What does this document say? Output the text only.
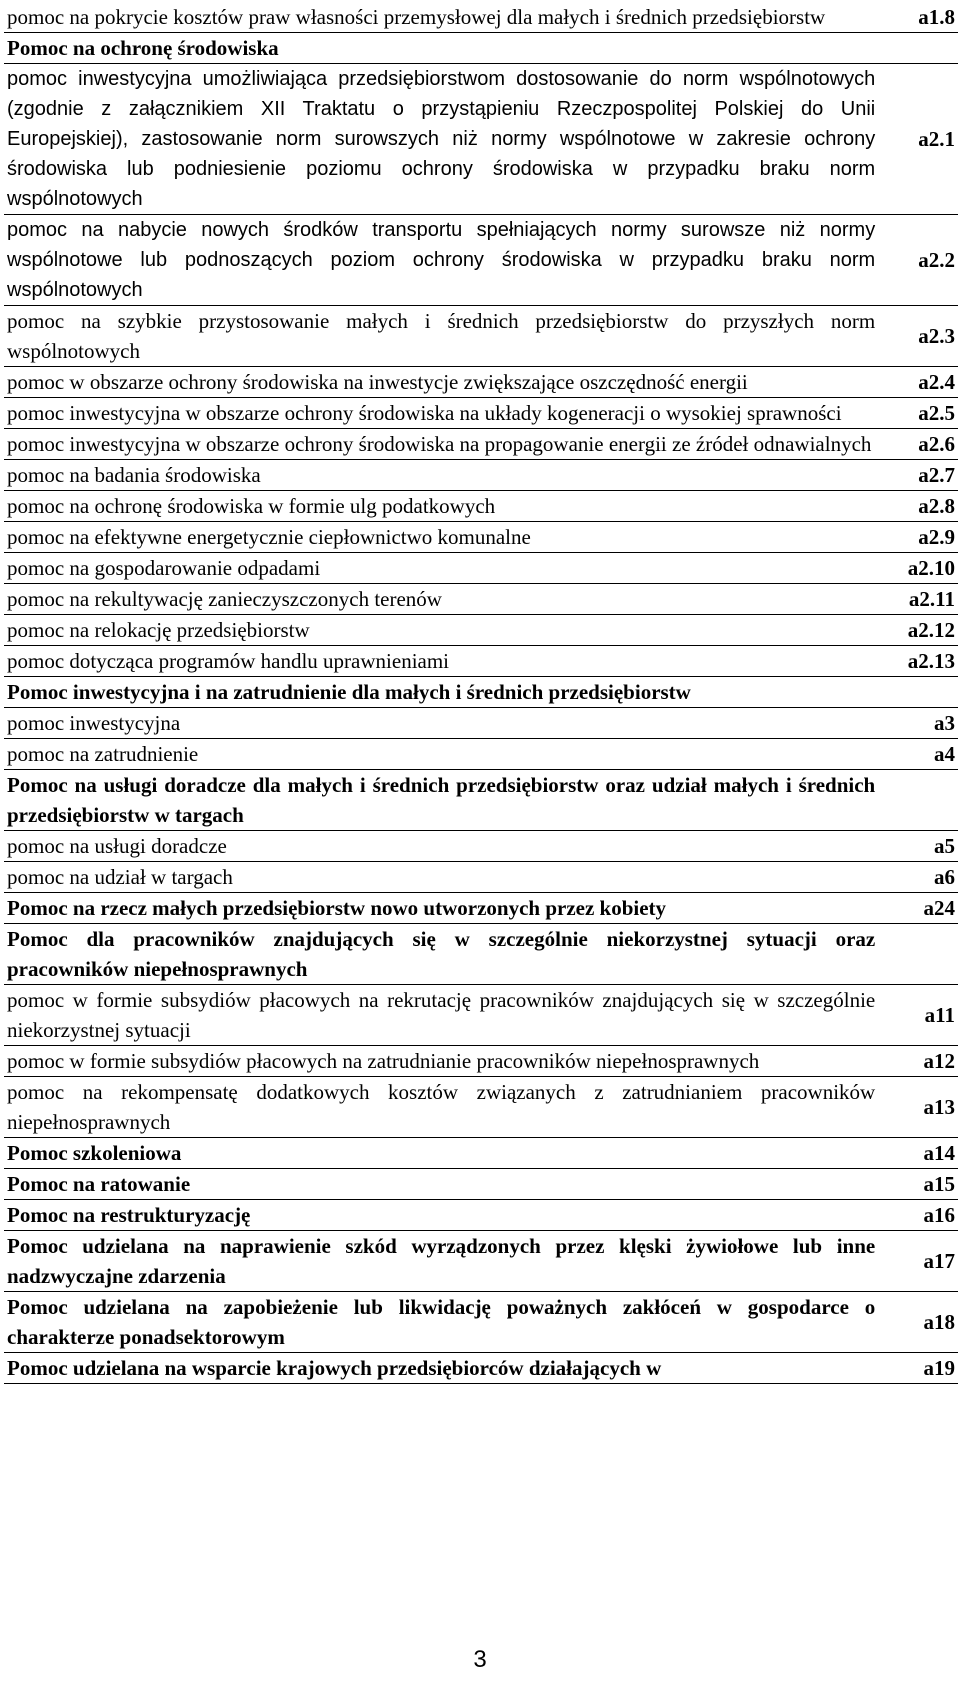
pomoc na pokrycie kosztów praw własności przemysłowej dla małych i średnich przedsiębiorstw	a1.8
Pomoc na ochronę środowiska	
pomoc inwestycyjna umożliwiająca przedsiębiorstwom dostosowanie do norm wspólnotowych (zgodnie z załącznikiem XII Traktatu o przystąpieniu Rzeczpospolitej Polskiej do Unii Europejskiej), zastosowanie norm surowszych niż normy wspólnotowe w zakresie ochrony środowiska lub podniesienie poziomu ochrony środowiska w przypadku braku norm wspólnotowych	a2.1
pomoc na nabycie nowych środków transportu spełniających normy surowsze niż normy wspólnotowe lub podnoszących poziom ochrony środowiska w przypadku braku norm wspólnotowych	a2.2
pomoc na szybkie przystosowanie małych i średnich przedsiębiorstw do przyszłych norm wspólnotowych	a2.3
pomoc w obszarze ochrony środowiska na inwestycje zwiększające oszczędność energii	a2.4
pomoc inwestycyjna w obszarze ochrony środowiska na układy kogeneracji o wysokiej sprawności	a2.5
pomoc inwestycyjna w obszarze ochrony środowiska na propagowanie energii ze źródeł odnawialnych	a2.6
pomoc na badania środowiska	a2.7
pomoc na ochronę środowiska w formie ulg podatkowych	a2.8
pomoc na efektywne energetycznie ciepłownictwo komunalne	a2.9
pomoc na gospodarowanie odpadami	a2.10
pomoc na rekultywację zanieczyszczonych terenów	a2.11
pomoc na relokację przedsiębiorstw	a2.12
pomoc dotycząca programów handlu uprawnieniami	a2.13
Pomoc inwestycyjna i na zatrudnienie dla małych i średnich przedsiębiorstw	
pomoc inwestycyjna	a3
pomoc na zatrudnienie	a4
Pomoc na usługi doradcze dla małych i średnich przedsiębiorstw oraz udział małych i średnich przedsiębiorstw w targach	
pomoc na usługi doradcze	a5
pomoc na udział w targach	a6
Pomoc na rzecz małych przedsiębiorstw nowo utworzonych przez kobiety	a24
Pomoc dla pracowników znajdujących się w szczególnie niekorzystnej sytuacji oraz pracowników niepełnosprawnych	
pomoc w formie subsydiów płacowych na rekrutację pracowników znajdujących się w szczególnie niekorzystnej sytuacji	a11
pomoc w formie subsydiów płacowych na zatrudnianie pracowników niepełnosprawnych	a12
pomoc na rekompensatę dodatkowych kosztów związanych z zatrudnianiem pracowników niepełnosprawnych	a13
Pomoc szkoleniowa	a14
Pomoc na ratowanie	a15
Pomoc na restrukturyzację	a16
Pomoc udzielana na naprawienie szkód wyrządzonych przez klęski żywiołowe lub inne nadzwyczajne zdarzenia	a17
Pomoc udzielana na zapobieżenie lub likwidację poważnych zakłóceń w gospodarce o charakterze ponadsektorowym	a18
Pomoc udzielana na wsparcie krajowych przedsiębiorców działających w	a19
3
